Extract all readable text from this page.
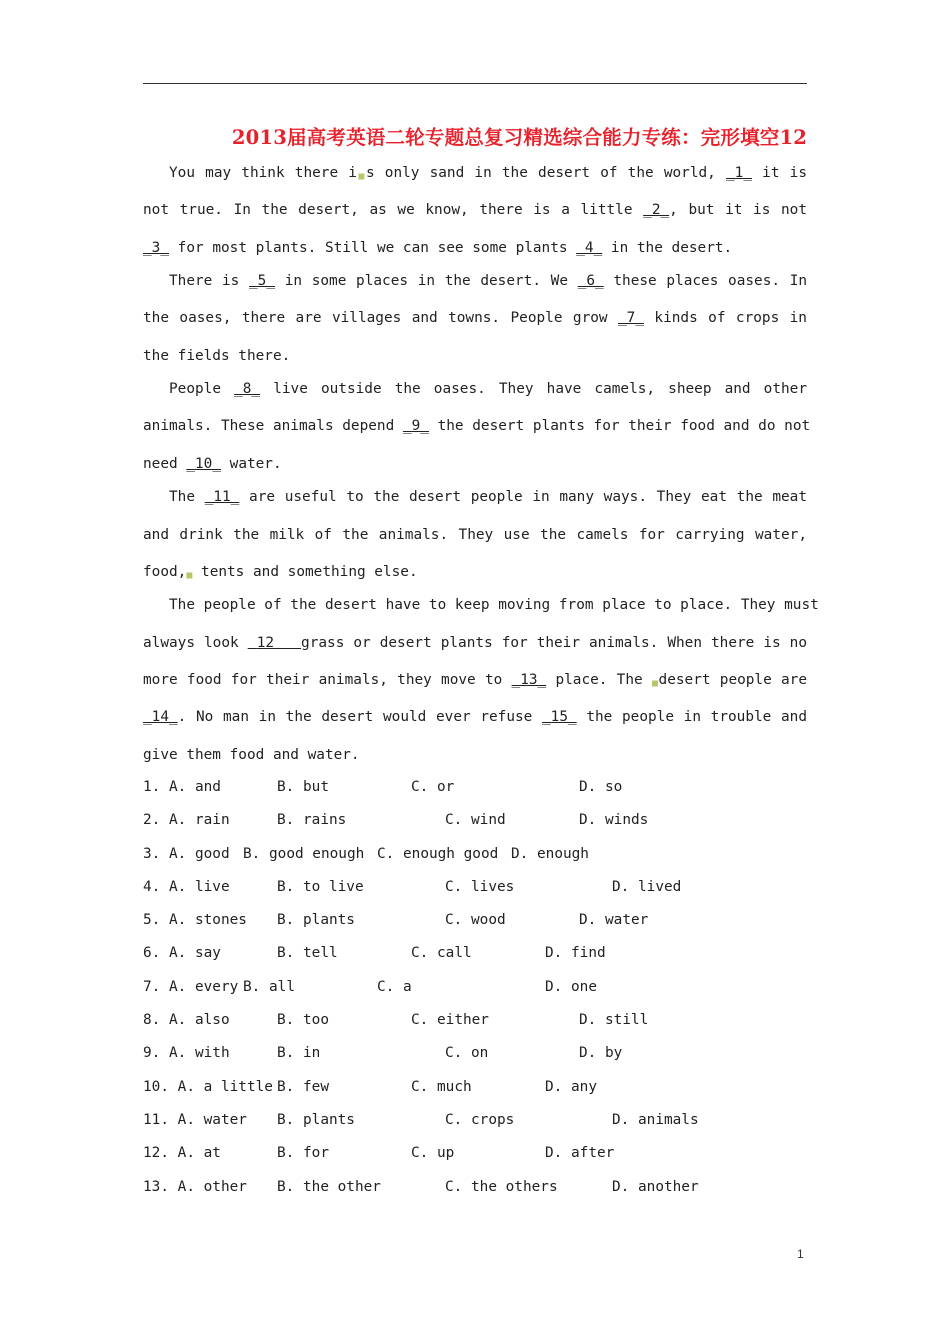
2013届高考英语二轮专题总复习精选综合能力专练：完形填空12
You may think there i■s only sand in the desert of the world, _1_ it is
not true. In the desert, as we know, there is a little _2_, but it is not
_3_ for most plants. Still we can see some plants _4_ in the desert.
There is _5_ in some places in the desert. We _6_ these places oases. In
the oases, there are villages and towns. People grow _7_ kinds of crops in
the fields there.
People _8_ live outside the oases. They have camels, sheep and other
animals. These animals depend _9_ the desert plants for their food and do not
need _10_ water.
The _11_ are useful to the desert people in many ways. They eat the meat
and drink the milk of the animals. They use the camels for carrying water,
food,■ tents and something else.
The people of the desert have to keep moving from place to place. They must
always look 12 grass or desert plants for their animals. When there is no
more food for their animals, they move to _13_ place. The ■desert people are
_14_. No man in the desert would ever refuse _15_ the people in trouble and
give them food and water.
1. A. and	B. but	C. or	D. so
2. A. rain	B. rains	C. wind	D. winds
3. A. good B. good enough C. enough good D. enough
4. A. live	B. to live	C. lives	D. lived
5. A. stones B. plants	C. wood	D. water
6. A. say	B. tell	C. call	D. find
7. A. every B. all	C. a	D. one
8. A. also	B. too	C. either	D. still
9. A. with	B. in	C. on	D. by
10. A. a little B. few	C. much	D. any
11. A. water B. plants	C. crops	D. animals
12. A. at	B. for	C. up	D. after
13. A. other B. the other	C. the others	D. another
1
